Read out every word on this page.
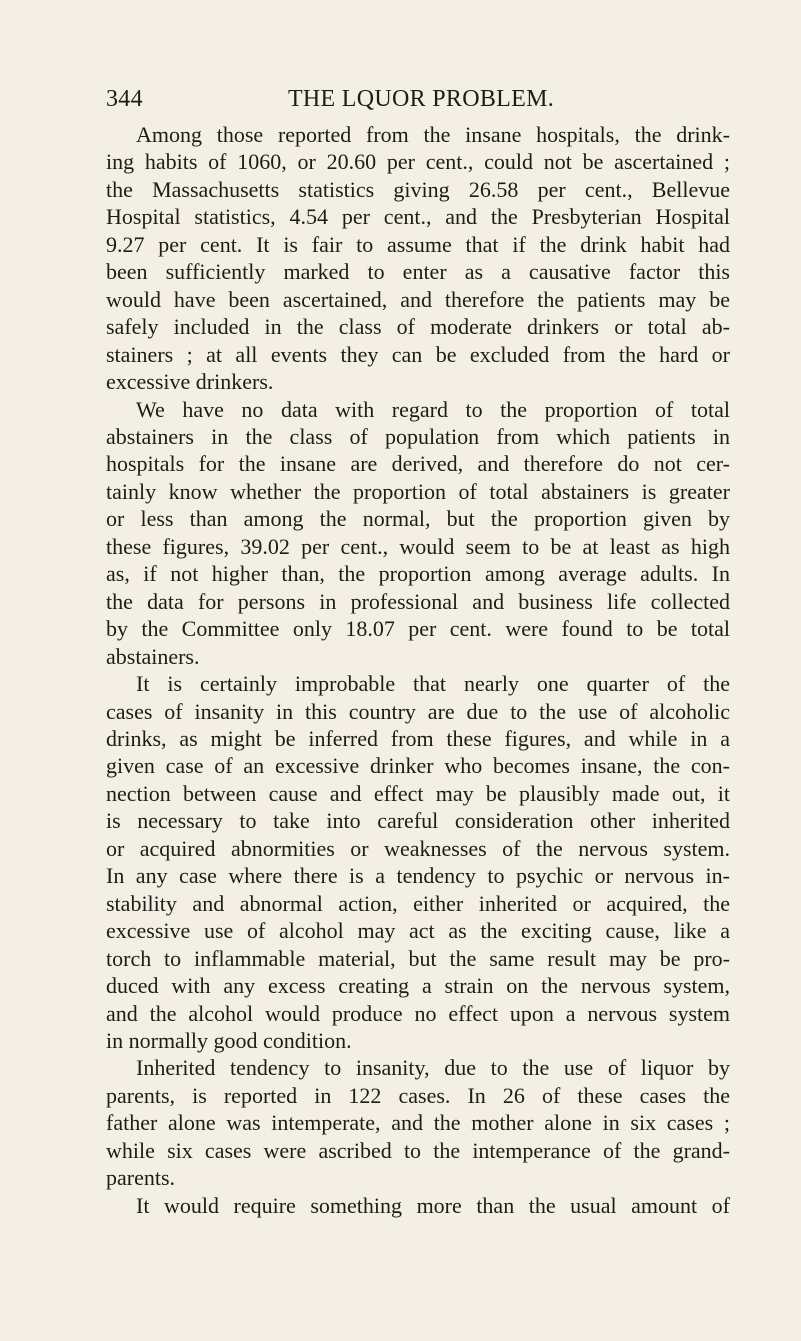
344	THE LQUOR PROBLEM.
Among those reported from the insane hospitals, the drink-
ing habits of 1060, or 20.60 per cent., could not be ascertained ;
the Massachusetts statistics giving 26.58 per cent., Bellevue
Hospital statistics, 4.54 per cent., and the Presbyterian Hospital
9.27 per cent. It is fair to assume that if the drink habit had
been sufficiently marked to enter as a causative factor this
would have been ascertained, and therefore the patients may be
safely included in the class of moderate drinkers or total ab-
stainers ; at all events they can be excluded from the hard or
excessive drinkers.
We have no data with regard to the proportion of total
abstainers in the class of population from which patients in
hospitals for the insane are derived, and therefore do not cer-
tainly know whether the proportion of total abstainers is greater
or less than among the normal, but the proportion given by
these figures, 39.02 per cent., would seem to be at least as high
as, if not higher than, the proportion among average adults. In
the data for persons in professional and business life collected
by the Committee only 18.07 per cent. were found to be total
abstainers.
It is certainly improbable that nearly one quarter of the
cases of insanity in this country are due to the use of alcoholic
drinks, as might be inferred from these figures, and while in a
given case of an excessive drinker who becomes insane, the con-
nection between cause and effect may be plausibly made out, it
is necessary to take into careful consideration other inherited
or acquired abnormities or weaknesses of the nervous system.
In any case where there is a tendency to psychic or nervous in-
stability and abnormal action, either inherited or acquired, the
excessive use of alcohol may act as the exciting cause, like a
torch to inflammable material, but the same result may be pro-
duced with any excess creating a strain on the nervous system,
and the alcohol would produce no effect upon a nervous system
in normally good condition.
Inherited tendency to insanity, due to the use of liquor by
parents, is reported in 122 cases. In 26 of these cases the
father alone was intemperate, and the mother alone in six cases ;
while six cases were ascribed to the intemperance of the grand-
parents.
It would require something more than the usual amount of
